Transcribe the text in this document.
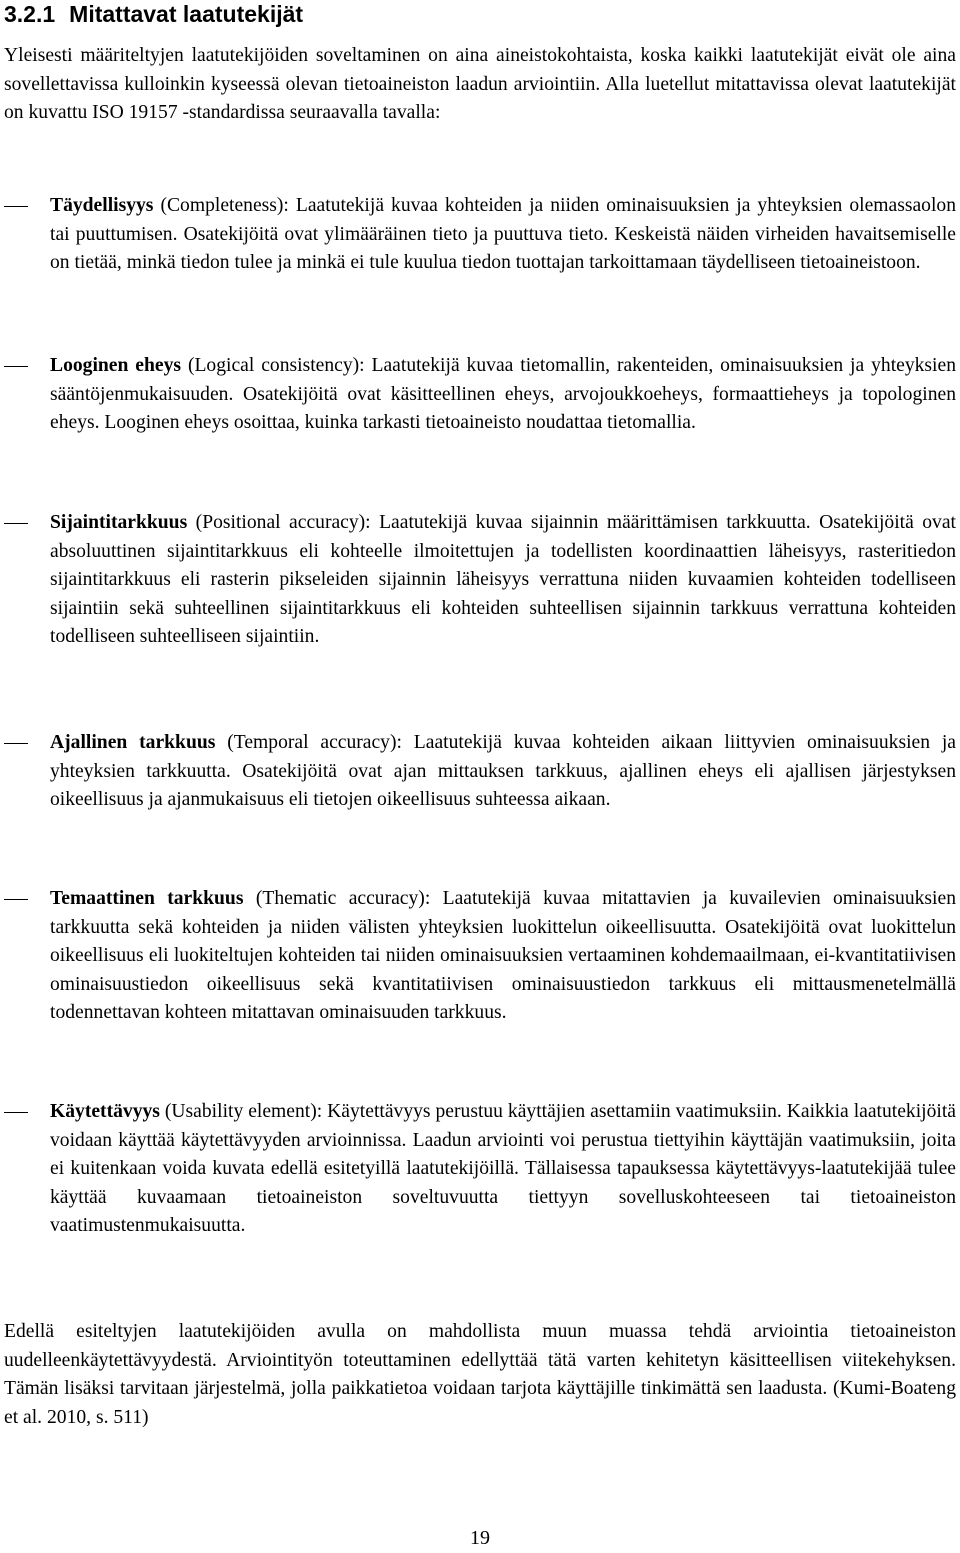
3.2.1 Mitattavat laatutekijät

Yleisesti määriteltyjen laatutekijöiden soveltaminen on aina aineistokohtaista, koska kaikki laatutekijät eivät ole aina sovellettavissa kulloinkin kyseessä olevan tietoaineiston laadun arviointiin. Alla luetellut mitattavissa olevat laatutekijät on kuvattu ISO 19157 -standardissa seuraavalla tavalla:

Täydellisyys (Completeness): Laatutekijä kuvaa kohteiden ja niiden ominaisuuksien ja yhteyksien olemassaolon tai puuttumisen. Osatekijöitä ovat ylimääräinen tieto ja puuttuva tieto. Keskeistä näiden virheiden havaitsemiselle on tietää, minkä tiedon tulee ja minkä ei tule kuulua tiedon tuottajan tarkoittamaan täydelliseen tietoaineistoon.
Looginen eheys (Logical consistency): Laatutekijä kuvaa tietomallin, rakenteiden, ominaisuuksien ja yhteyksien sääntöjenmukaisuuden. Osatekijöitä ovat käsitteellinen eheys, arvojoukkoeheys, formaattieheys ja topologinen eheys. Looginen eheys osoittaa, kuinka tarkasti tietoaineisto noudattaa tietomallia.
Sijaintitarkkuus (Positional accuracy): Laatutekijä kuvaa sijainnin määrittämisen tarkkuutta. Osatekijöitä ovat absoluuttinen sijaintitarkkuus eli kohteelle ilmoitettujen ja todellisten koordinaattien läheisyys, rasteritiedon sijaintitarkkuus eli rasterin pikseleiden sijainnin läheisyys verrattuna niiden kuvaamien kohteiden todelliseen sijaintiin sekä suhteellinen sijaintitarkkuus eli kohteiden suhteellisen sijainnin tarkkuus verrattuna kohteiden todelliseen suhteelliseen sijaintiin.
Ajallinen tarkkuus (Temporal accuracy): Laatutekijä kuvaa kohteiden aikaan liittyvien ominaisuuksien ja yhteyksien tarkkuutta. Osatekijöitä ovat ajan mittauksen tarkkuus, ajallinen eheys eli ajallisen järjestyksen oikeellisuus ja ajanmukaisuus eli tietojen oikeellisuus suhteessa aikaan.
Temaattinen tarkkuus (Thematic accuracy): Laatutekijä kuvaa mitattavien ja kuvailevien ominaisuuksien tarkkuutta sekä kohteiden ja niiden välisten yhteyksien luokittelun oikeellisuutta. Osatekijöitä ovat luokittelun oikeellisuus eli luokiteltujen kohteiden tai niiden ominaisuuksien vertaaminen kohdemaailmaan, ei-kvantitatiivisen ominaisuustiedon oikeellisuus sekä kvantitatiivisen ominaisuustiedon tarkkuus eli mittausmenetelmällä todennettavan kohteen mitattavan ominaisuuden tarkkuus.
Käytettävyys (Usability element): Käytettävyys perustuu käyttäjien asettamiin vaatimuksiin. Kaikkia laatutekijöitä voidaan käyttää käytettävyyden arvioinnissa. Laadun arviointi voi perustua tiettyihin käyttäjän vaatimuksiin, joita ei kuitenkaan voida kuvata edellä esitetyillä laatutekijöillä. Tällaisessa tapauksessa käytettävyys-laatutekijää tulee käyttää kuvaamaan tietoaineiston soveltuvuutta tiettyyn sovelluskohteeseen tai tietoaineiston vaatimustenmukaisuutta.

Edellä esiteltyjen laatutekijöiden avulla on mahdollista muun muassa tehdä arviointia tietoaineiston uudelleenkäytettävyydestä. Arviointityön toteuttaminen edellyttää tätä varten kehitetyn käsitteellisen viitekehyksen. Tämän lisäksi tarvitaan järjestelmä, jolla paikkatietoa voidaan tarjota käyttäjille tinkimättä sen laadusta. (Kumi-Boateng et al. 2010, s. 511)

19
